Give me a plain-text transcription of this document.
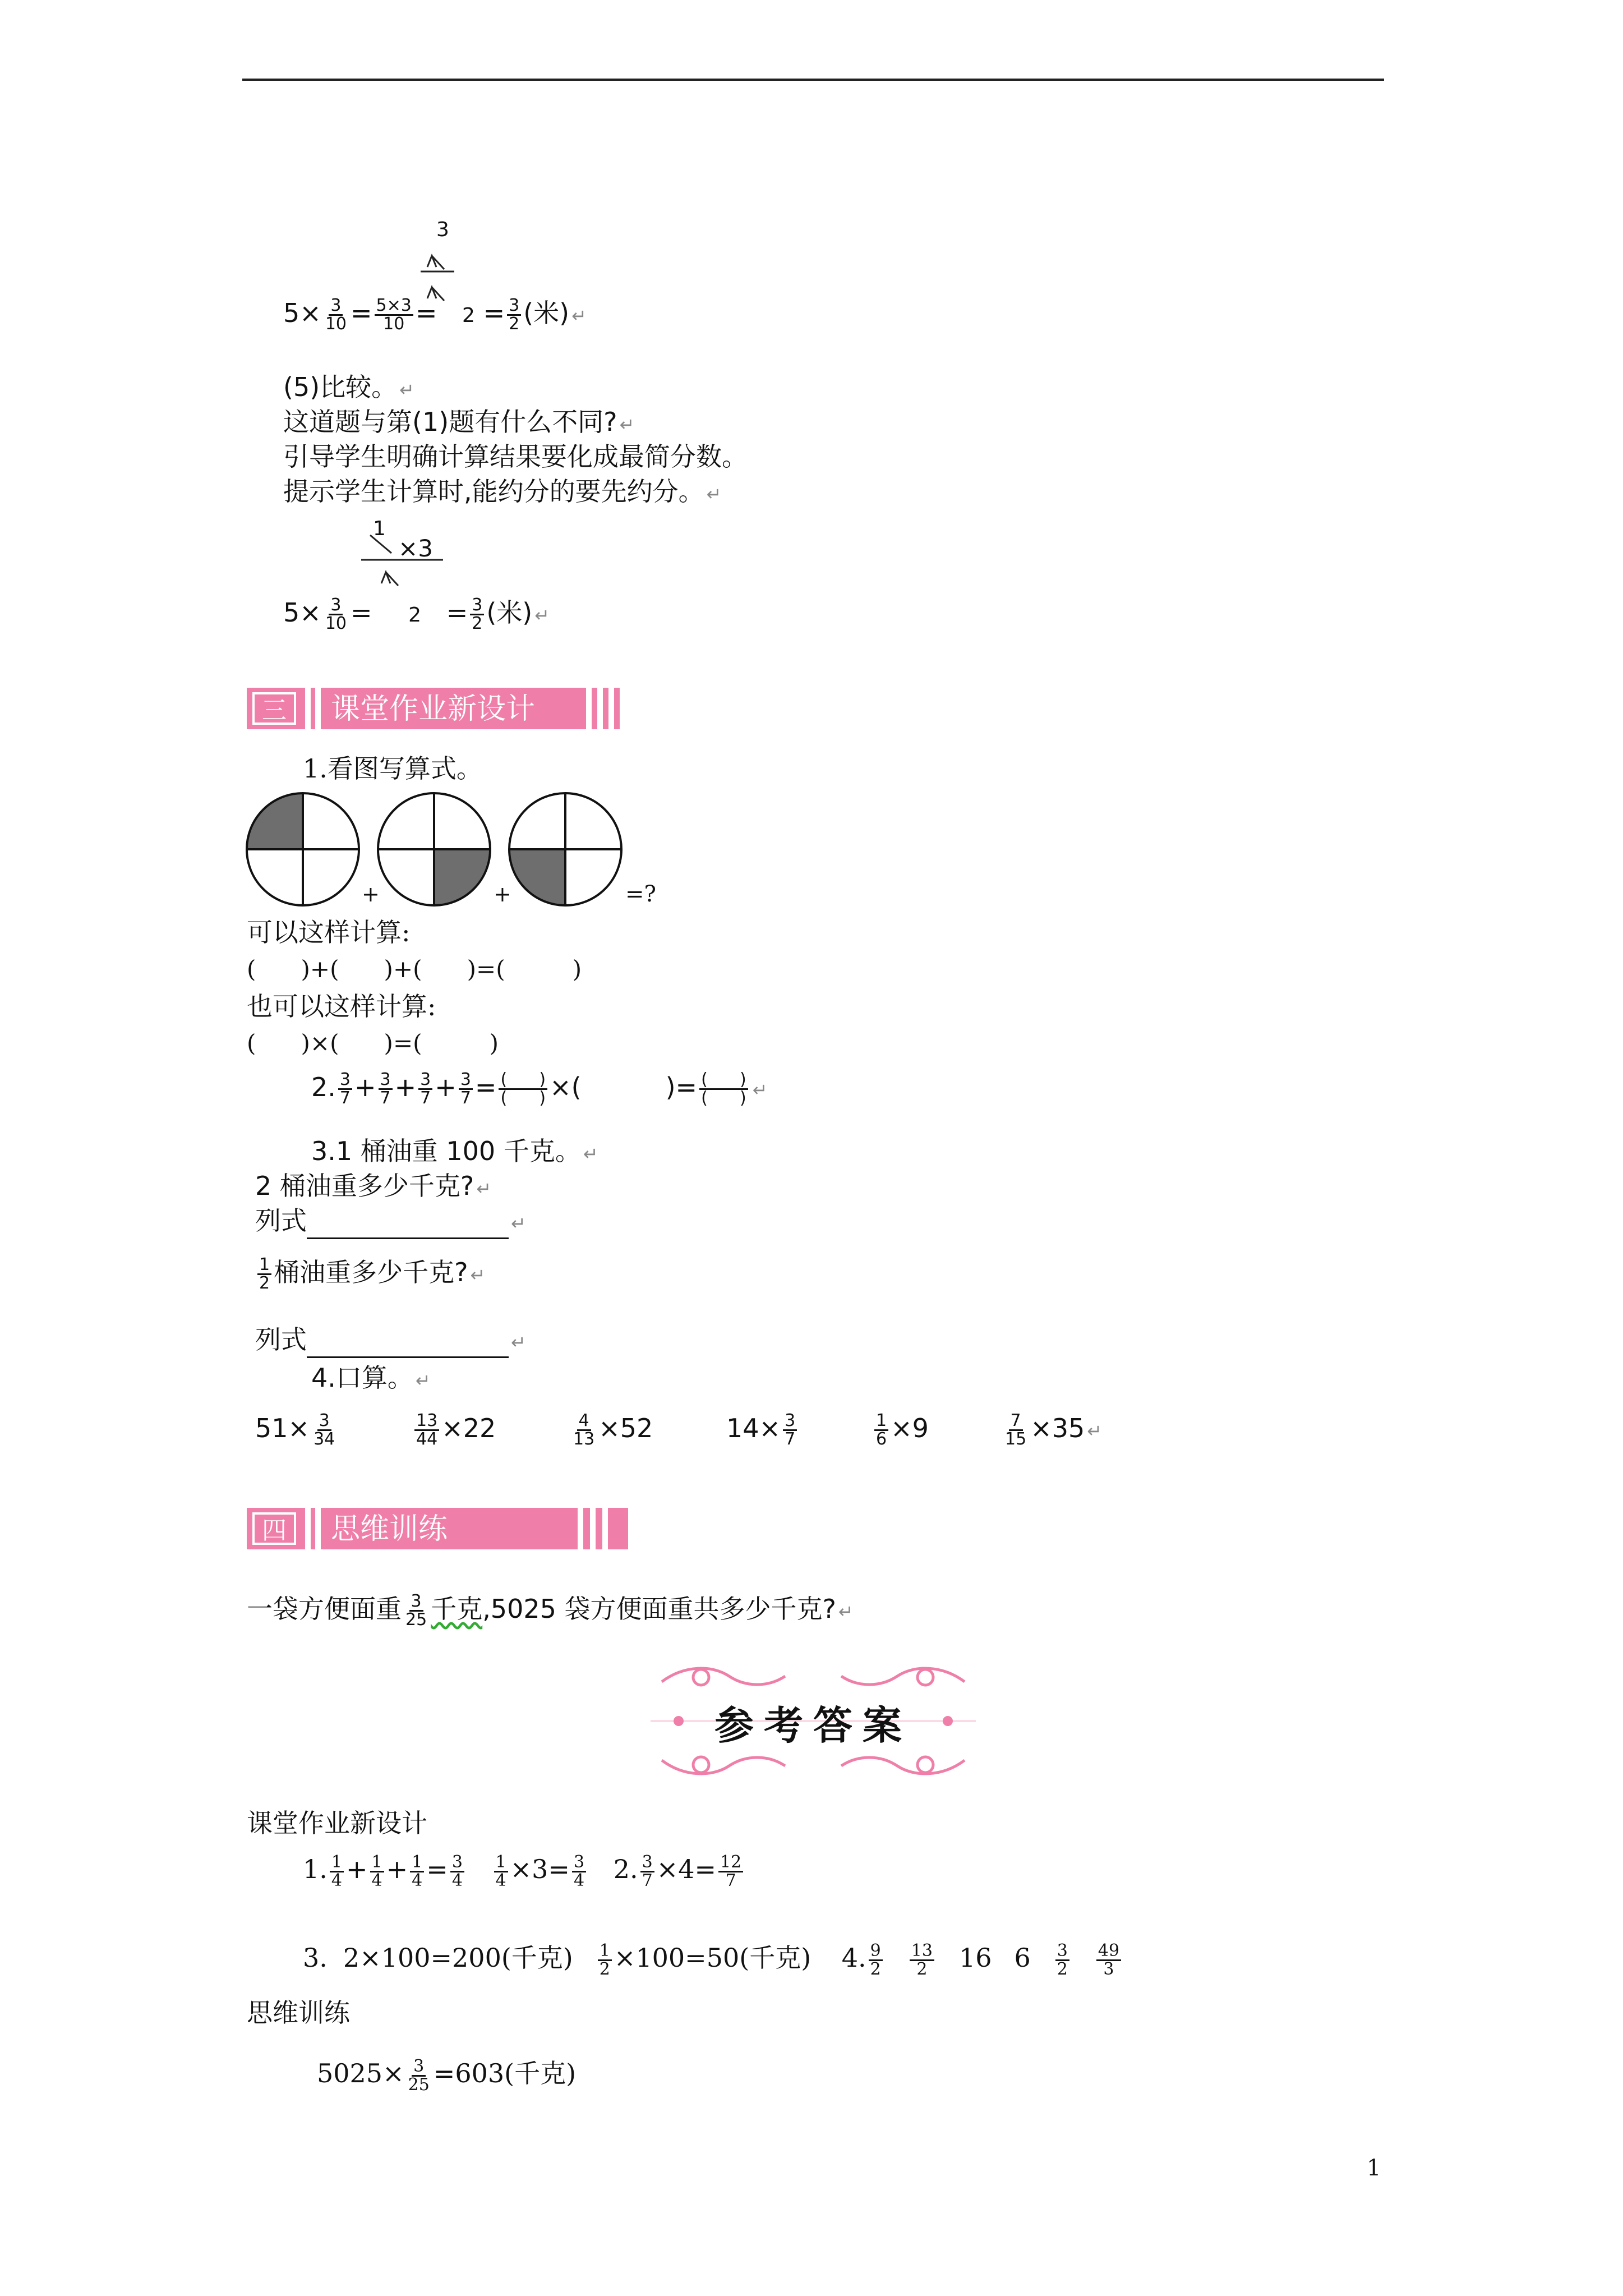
3
$5\times \frac{3}{10} = \frac{5\times 3}{10} = 2 = \frac{3}{2}$ (米) ↵
(5)比较。 ↵
这道题与第(1)题有什么不同? ↵
引导学生明确计算结果要化成最简分数。
提示学生计算时,能约分的要先约分。 ↵
1
×3
$5\times \frac{3}{10} = 2 = \frac{3}{2}$ (米) ↵
三	课堂作业新设计
1.看图写算式。
+	+	=?
可以这样计算:
(      )+(      )+(      )=(         )
也可以这样计算:
(      )×(      )=(         )
2. $\frac{3}{7} + \frac{3}{7} + \frac{3}{7} + \frac{3}{7} = \frac{( )}{( )}$ ×(	)= $\frac{( )}{( )}$ ↵
3.1 桶油重 100 千克。 ↵
2 桶油重多少千克? ↵
列式	↵
$\frac{1}{2}$ 桶油重多少千克? ↵
列式	↵
4.口算。 ↵
$51\times \frac{3}{34}$	$\frac{13}{44} \times 22$	$\frac{4}{13} \times 52$	$14\times \frac{3}{7}$	$\frac{1}{6} \times 9$	$\frac{7}{15} \times 35$ ↵
四	思维训练
一袋方便面重 $\frac{3}{25}$ 千克,5025 袋方便面重共多少千克? ↵
参考答案
课堂作业新设计
1. $\frac{1}{4} + \frac{1}{4} + \frac{1}{4} = \frac{3}{4}$
$\frac{1}{4} \times 3= \frac{3}{4} 2$. $\frac{3}{7} \times 4= \frac{12}{7}$
3. 2×100=200(千克) $\frac{1}{2} \times 100=50$(千克) 4. $\frac{9}{2} \frac{13}{2} 16$ $6 \frac{3}{2} \frac{49}{3}$
思维训练
$5025\times \frac{3}{25} =603$(千克)
1
